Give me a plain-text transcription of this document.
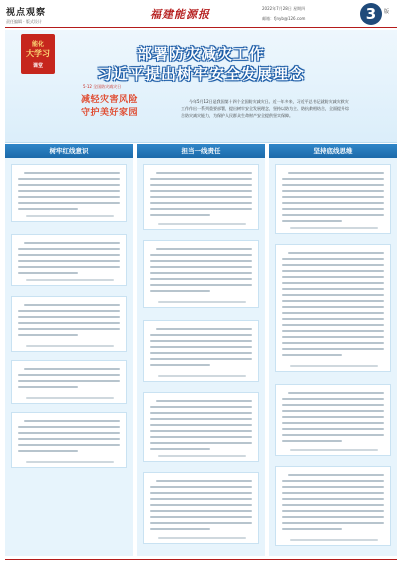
视点观察
责任编辑 · 版式设计
福建能源报	2022年7月28日 星期四
邮箱：fjnyb@126.com	3	版
能化
大学习
课堂
部署防灾减灾工作
习近平提出树牢安全发展理念
5·12 全国防灾减灾日
减轻灾害风险
守护美好家园
今年5月12日是我国第十四个全国防灾减灾日。近一年多来，习近平总书记就防灾减灾救灾工作作出一系列重要部署，提出树牢安全发展理念，坚持以防为主、防抗救相结合，全面提升综合防灾减灾能力，为保护人民群众生命财产安全提供坚实保障。
树牢红线意识	担当一线责任	坚持底线思维
